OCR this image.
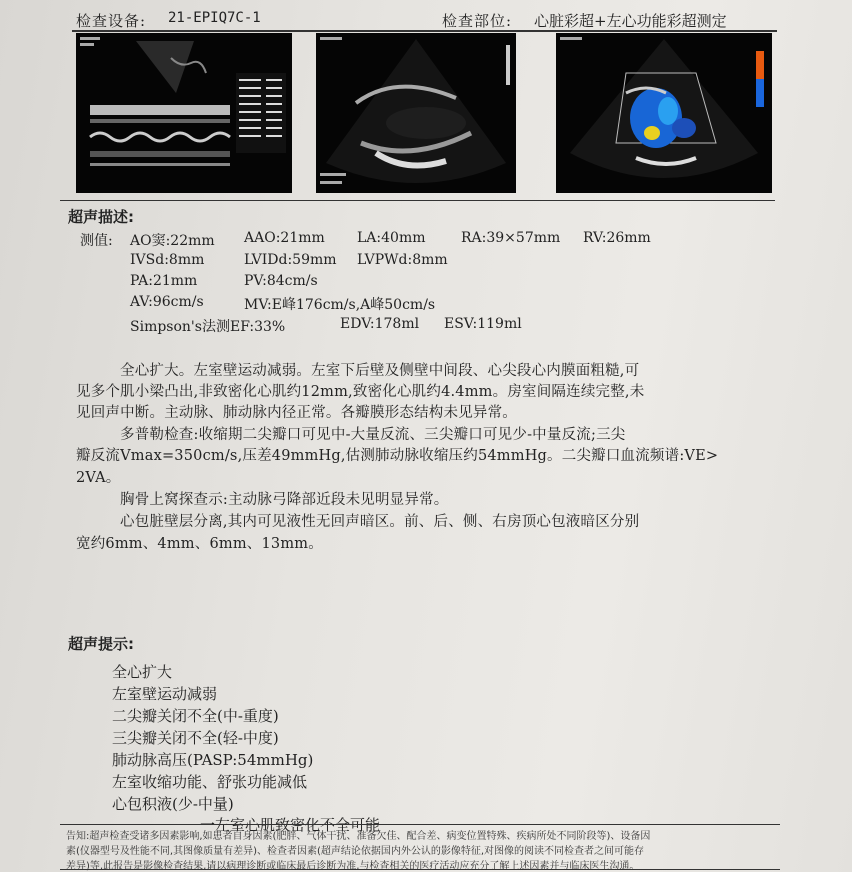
检查设备: 21-EPIQ7C-1	检查部位: 心脏彩超+左心功能彩超测定
超声描述:
测值: AO窦:22mm AAO:21mm LA:40mm	RA:39×57mm RV:26mm
IVSd:8mm	LVIDd:59mm LVPWd:8mm
PA:21mm	PV:84cm/s
AV:96cm/s	MV:E峰176cm/s,A峰50cm/s
Simpson's法测EF:33%	EDV:178ml ESV:119ml
全心扩大。左室壁运动减弱。左室下后壁及侧壁中间段、心尖段心内膜面粗糙,可
见多个肌小梁凸出,非致密化心肌约12mm,致密化心肌约4.4mm。房室间隔连续完整,未
见回声中断。主动脉、肺动脉内径正常。各瓣膜形态结构未见异常。
多普勒检查:收缩期二尖瓣口可见中-大量反流、三尖瓣口可见少-中量反流;三尖
瓣反流Vmax=350cm/s,压差49mmHg,估测肺动脉收缩压约54mmHg。二尖瓣口血流频谱:VE>
2VA。
胸骨上窝探查示:主动脉弓降部近段未见明显异常。
心包脏壁层分离,其内可见液性无回声暗区。前、后、侧、右房顶心包液暗区分别
宽约6mm、4mm、6mm、13mm。
超声提示:
全心扩大
左室壁运动减弱
二尖瓣关闭不全(中-重度)
三尖瓣关闭不全(轻-中度)
肺动脉高压(PASP:54mmHg)
左室收缩功能、舒张功能减低
心包积液(少-中量)
一左室心肌致密化不全可能
告知:超声检查受诸多因素影响,如患者自身因素(肥胖、气体干扰、准备欠佳、配合差、病变位置特殊、疾病所处不同阶段等)、设备因
素(仪器型号及性能不同,其图像质量有差异)、检查者因素(超声结论依据国内外公认的影像特征,对图像的阅读不同检查者之间可能存
差异)等,此报告是影像检查结果,请以病理诊断或临床最后诊断为准,与检查相关的医疗活动应充分了解上述因素并与临床医生沟通。
